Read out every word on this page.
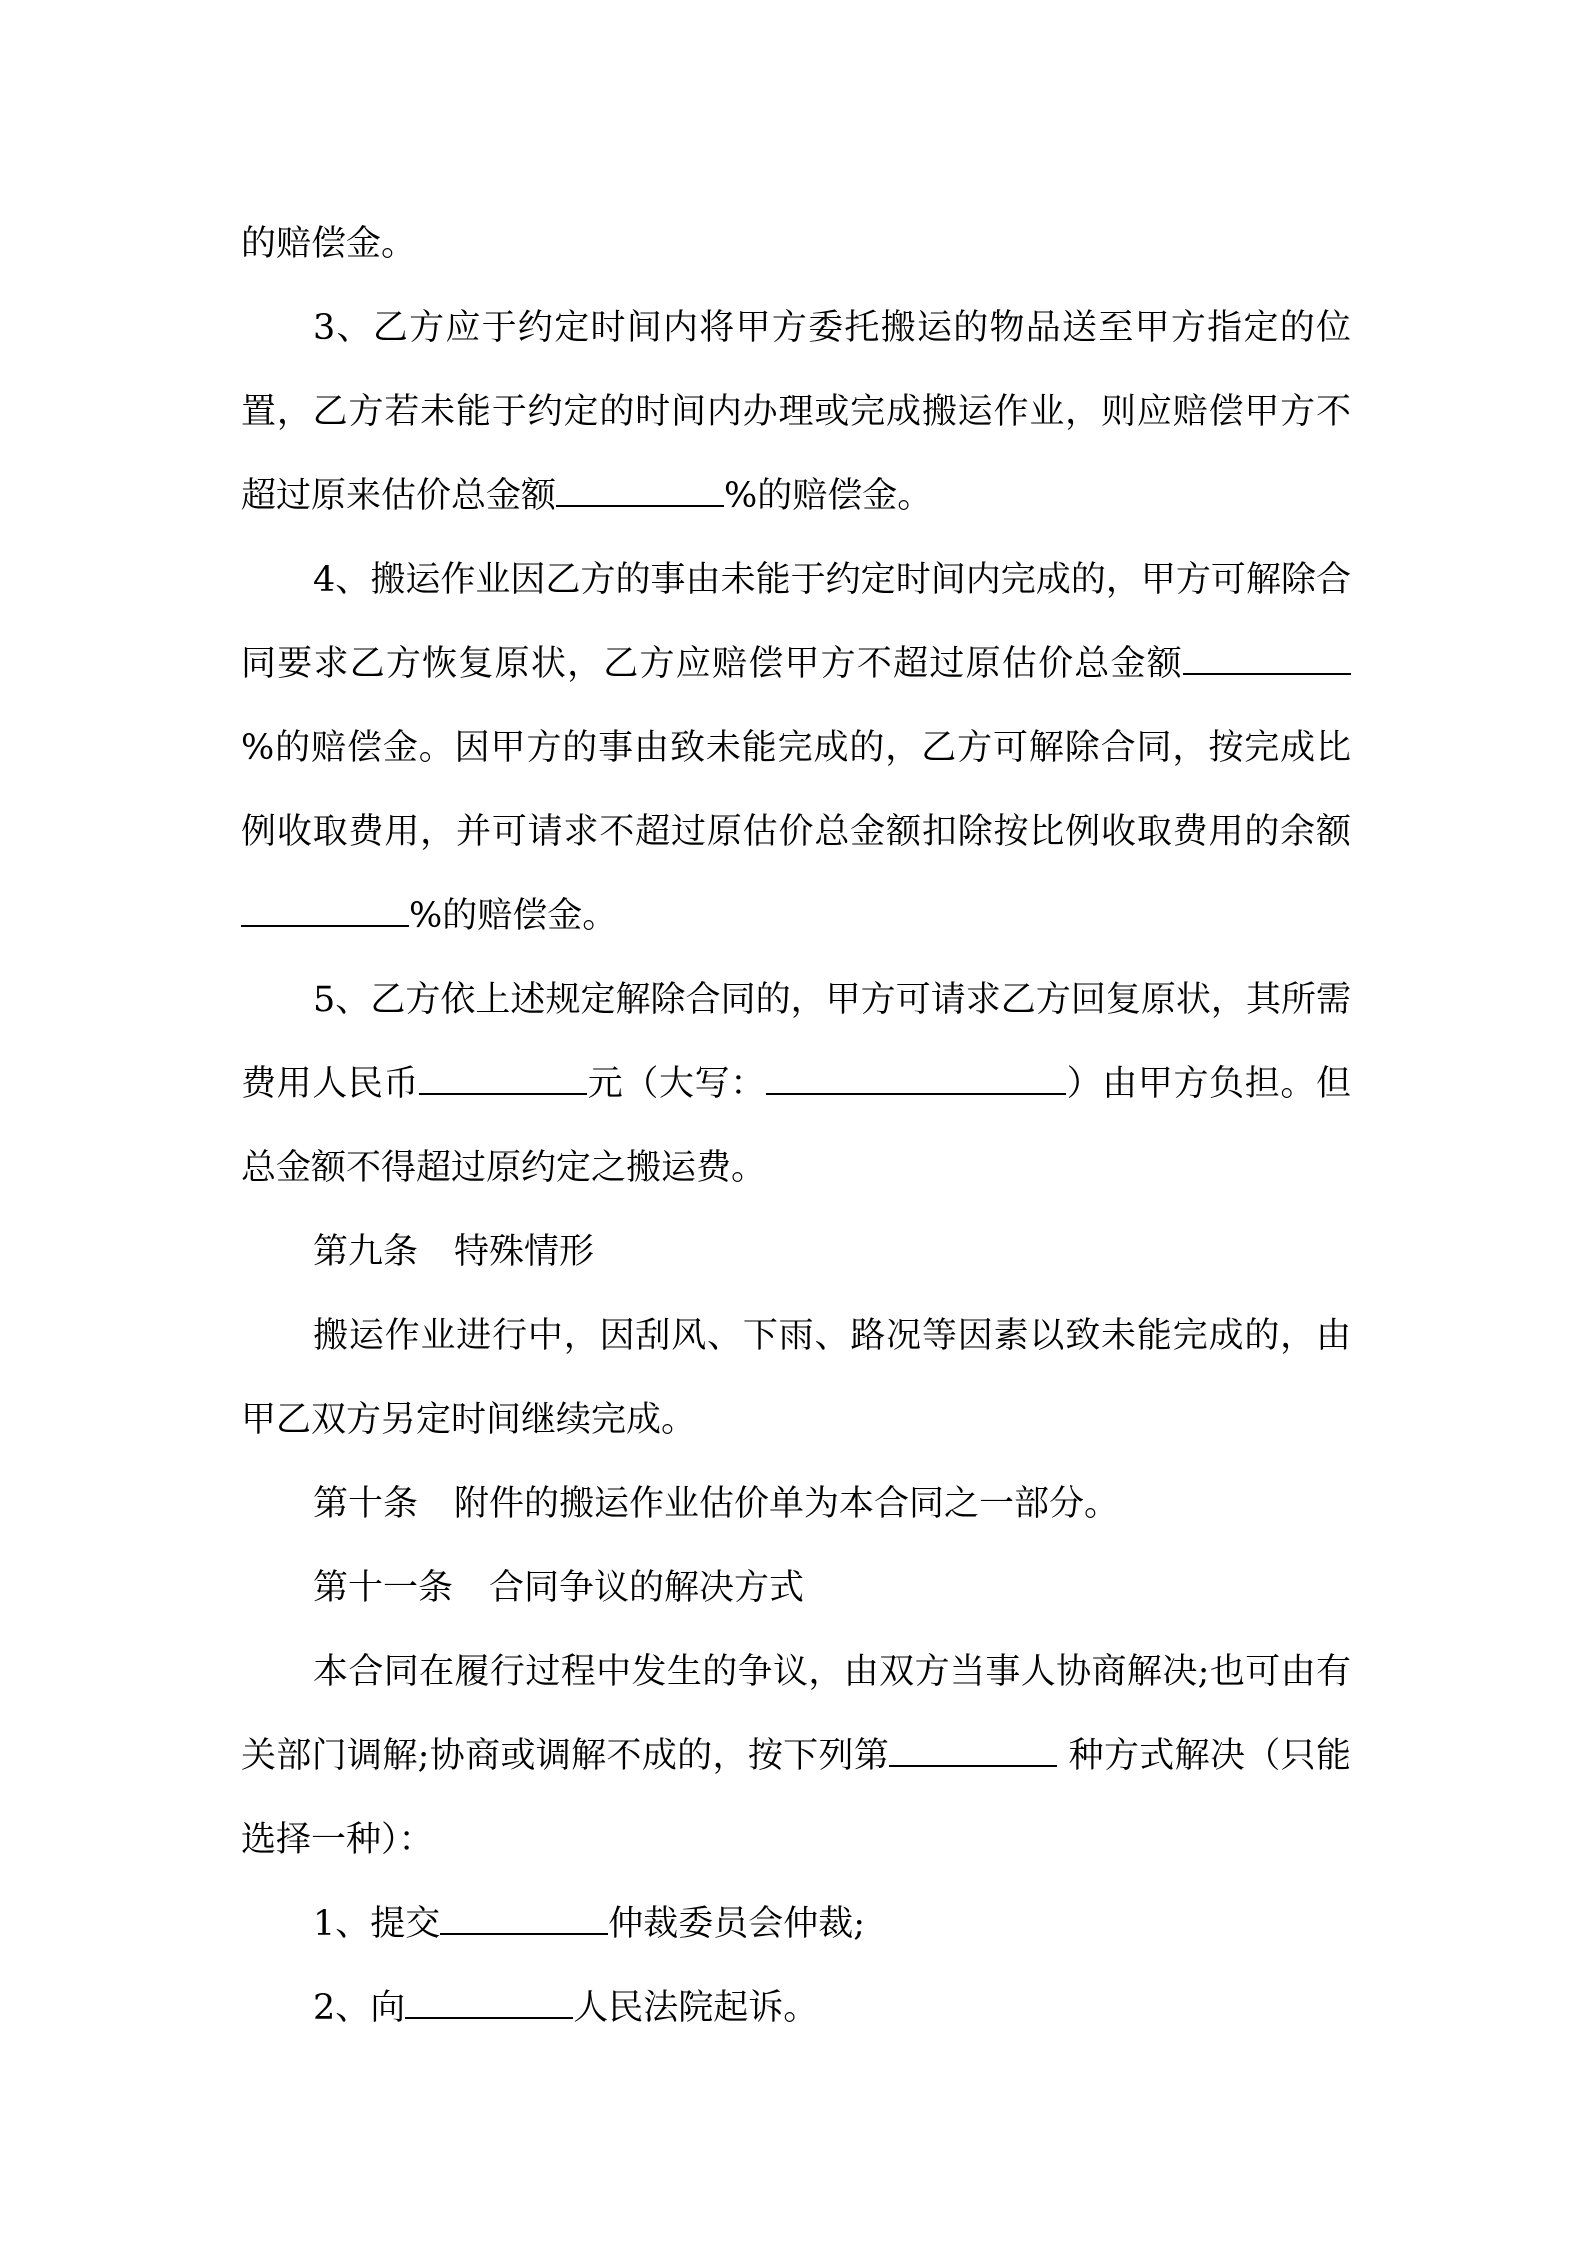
的赔偿金。

3、乙方应于约定时间内将甲方委托搬运的物品送至甲方指定的位置，乙方若未能于约定的时间内办理或完成搬运作业，则应赔偿甲方不超过原来估价总金额	%的赔偿金。

4、搬运作业因乙方的事由未能于约定时间内完成的，甲方可解除合同要求乙方恢复原状，乙方应赔偿甲方不超过原估价总金额%的赔偿金。因甲方的事由致未能完成的，乙方可解除合同，按完成比例收取费用，并可请求不超过原估价总金额扣除按比例收取费用的余额%的赔偿金。

5、乙方依上述规定解除合同的，甲方可请求乙方回复原状，其所需费用人民币	元（大写：	）由甲方负担。但总金额不得超过原约定之搬运费。

第九条 特殊情形

搬运作业进行中，因刮风、下雨、路况等因素以致未能完成的，由甲乙双方另定时间继续完成。

第十条 附件的搬运作业估价单为本合同之一部分。

第十一条 合同争议的解决方式

本合同在履行过程中发生的争议，由双方当事人协商解决;也可由有关部门调解;协商或调解不成的，按下列第	种方式解决（只能选择一种）：

1、提交	仲裁委员会仲裁;

2、向	人民法院起诉。
